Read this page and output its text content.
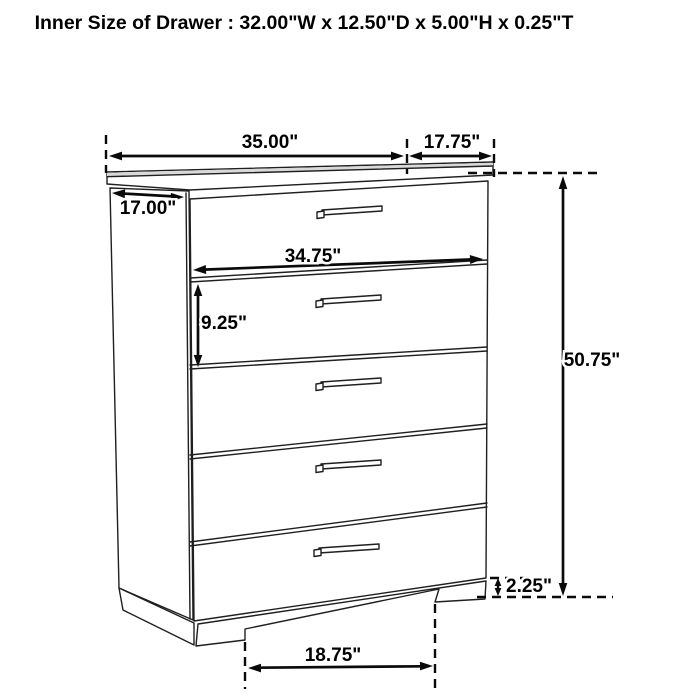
35.00"	17.75"
17.00"
34.75"
9.25"
50.75"
2.25"
18.75"
Inner Size of Drawer : 32.00"W x 12.50"D x 5.00"H x 0.25"T
